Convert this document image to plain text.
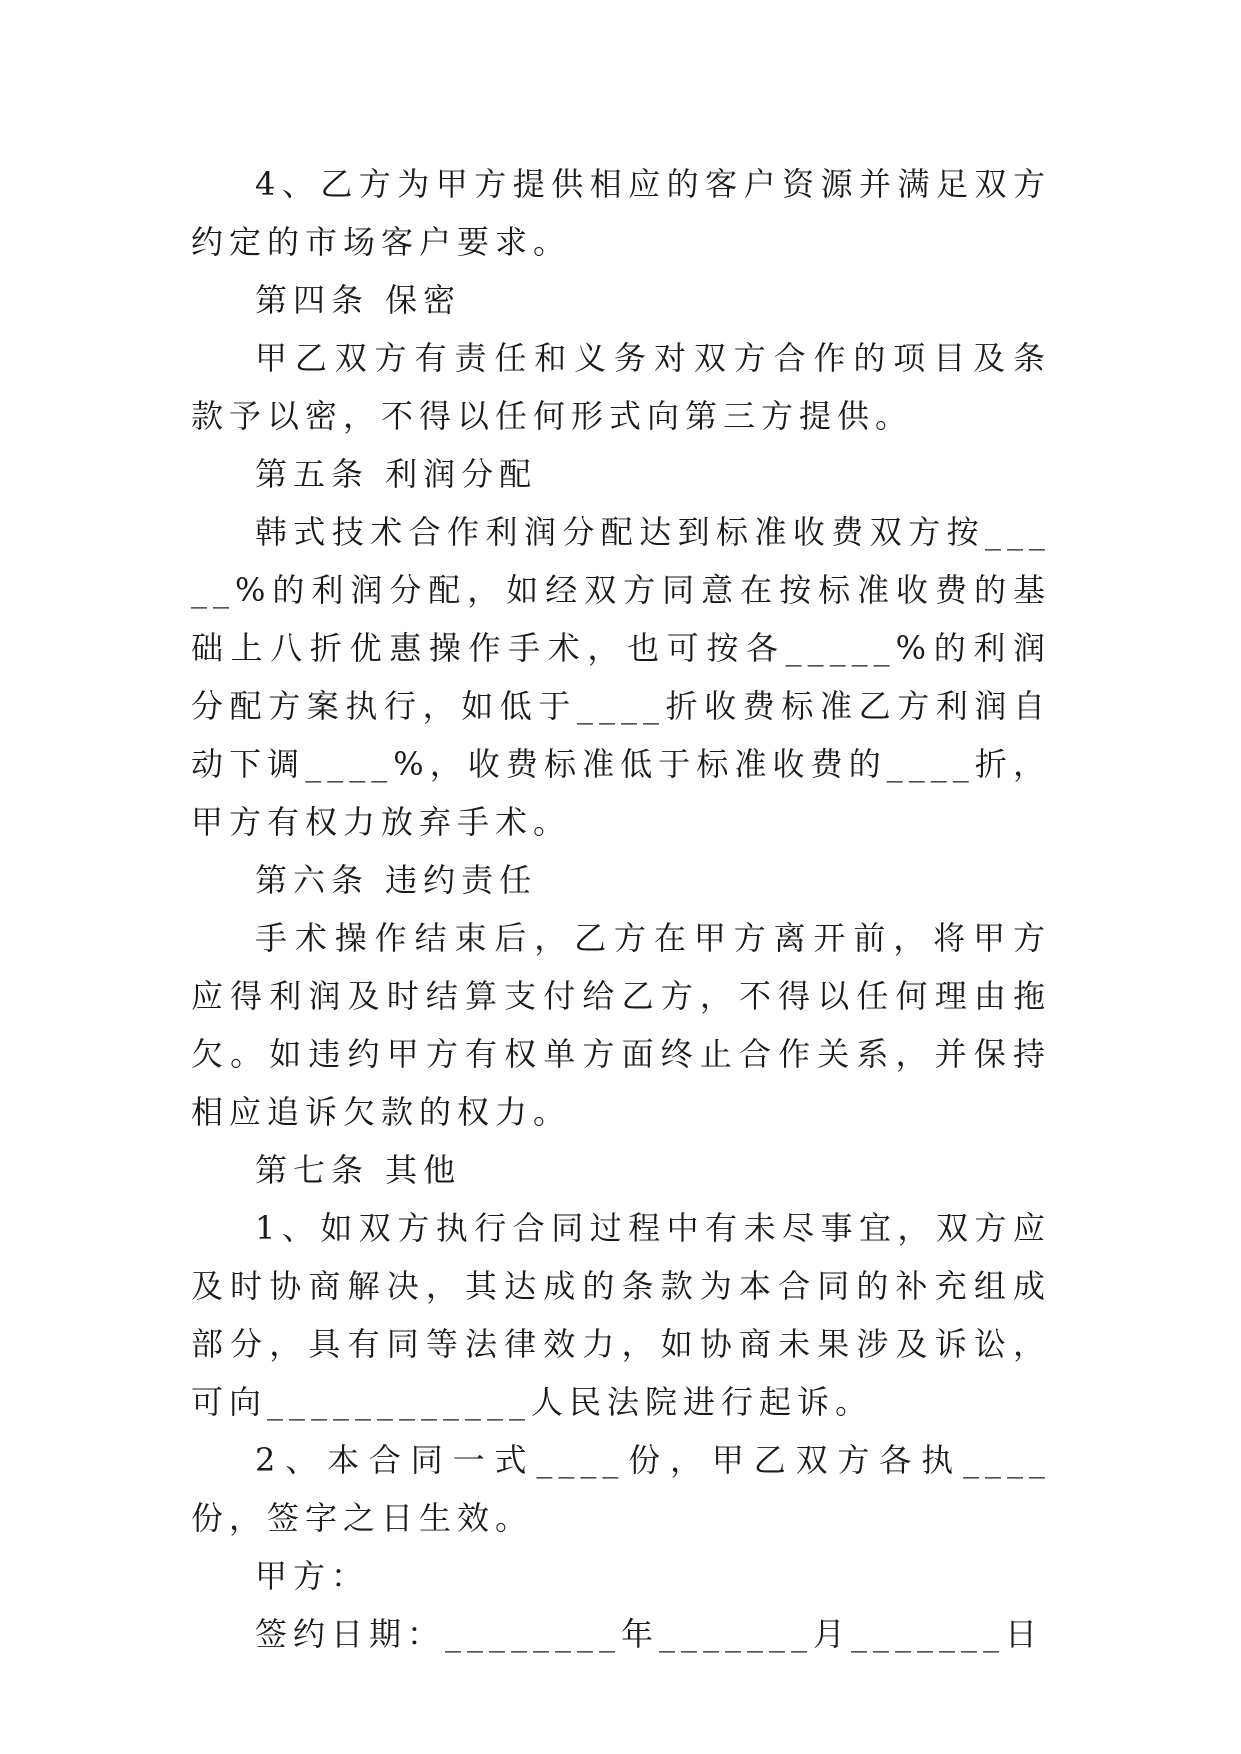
4、乙方为甲方提供相应的客户资源并满足双方约定的市场客户要求。

第四条 保密

甲乙双方有责任和义务对双方合作的项目及条款予以密，不得以任何形式向第三方提供。

第五条 利润分配

韩式技术合作利润分配达到标准收费双方按_____%的利润分配，如经双方同意在按标准收费的基础上八折优惠操作手术，也可按各_____%的利润分配方案执行，如低于____折收费标准乙方利润自动下调____%，收费标准低于标准收费的____折，甲方有权力放弃手术。

第六条 违约责任

手术操作结束后，乙方在甲方离开前，将甲方应得利润及时结算支付给乙方，不得以任何理由拖欠。如违约甲方有权单方面终止合作关系，并保持相应追诉欠款的权力。

第七条 其他

1、如双方执行合同过程中有未尽事宜，双方应及时协商解决，其达成的条款为本合同的补充组成部分，具有同等法律效力，如协商未果涉及诉讼，可向____________人民法院进行起诉。

2、本合同一式____份，甲乙双方各执____份，签字之日生效。

甲方：

签约日期：________年_______月_______日
